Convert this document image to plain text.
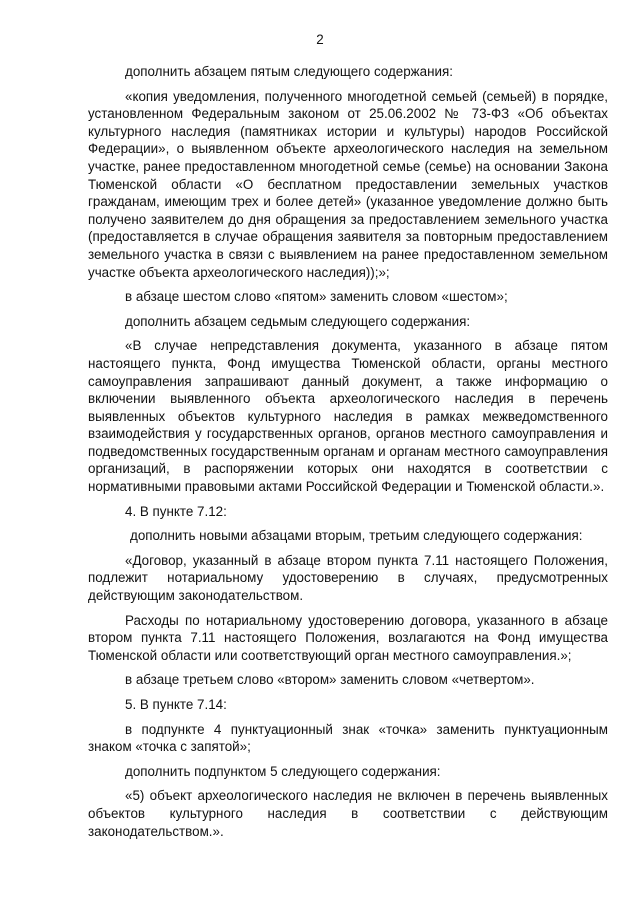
2

дополнить абзацем пятым следующего содержания:

«копия уведомления, полученного многодетной семьей (семьей) в порядке, установленном Федеральным законом от 25.06.2002 № 73-ФЗ «Об объектах культурного наследия (памятниках истории и культуры) народов Российской Федерации», о выявленном объекте археологического наследия на земельном участке, ранее предоставленном многодетной семье (семье) на основании Закона Тюменской области «О бесплатном предоставлении земельных участков гражданам, имеющим трех и более детей» (указанное уведомление должно быть получено заявителем до дня обращения за предоставлением земельного участка (предоставляется в случае обращения заявителя за повторным предоставлением земельного участка в связи с выявлением на ранее предоставленном земельном участке объекта археологического наследия));»;

в абзаце шестом слово «пятом» заменить словом «шестом»;

дополнить абзацем седьмым следующего содержания:

«В случае непредставления документа, указанного в абзаце пятом настоящего пункта, Фонд имущества Тюменской области, органы местного самоуправления запрашивают данный документ, а также информацию о включении выявленного объекта археологического наследия в перечень выявленных объектов культурного наследия в рамках межведомственного взаимодействия у государственных органов, органов местного самоуправления и подведомственных государственным органам и органам местного самоуправления организаций, в распоряжении которых они находятся в соответствии с нормативными правовыми актами Российской Федерации и Тюменской области.».

4. В пункте 7.12:

дополнить новыми абзацами вторым, третьим следующего содержания:

«Договор, указанный в абзаце втором пункта 7.11 настоящего Положения, подлежит нотариальному удостоверению в случаях, предусмотренных действующим законодательством.

Расходы по нотариальному удостоверению договора, указанного в абзаце втором пункта 7.11 настоящего Положения, возлагаются на Фонд имущества Тюменской области или соответствующий орган местного самоуправления.»;

в абзаце третьем слово «втором» заменить словом «четвертом».

5. В пункте 7.14:

в подпункте 4 пунктуационный знак «точка» заменить пунктуационным знаком «точка с запятой»;

дополнить подпунктом 5 следующего содержания:

«5) объект археологического наследия не включен в перечень выявленных объектов культурного наследия в соответствии с действующим законодательством.».
